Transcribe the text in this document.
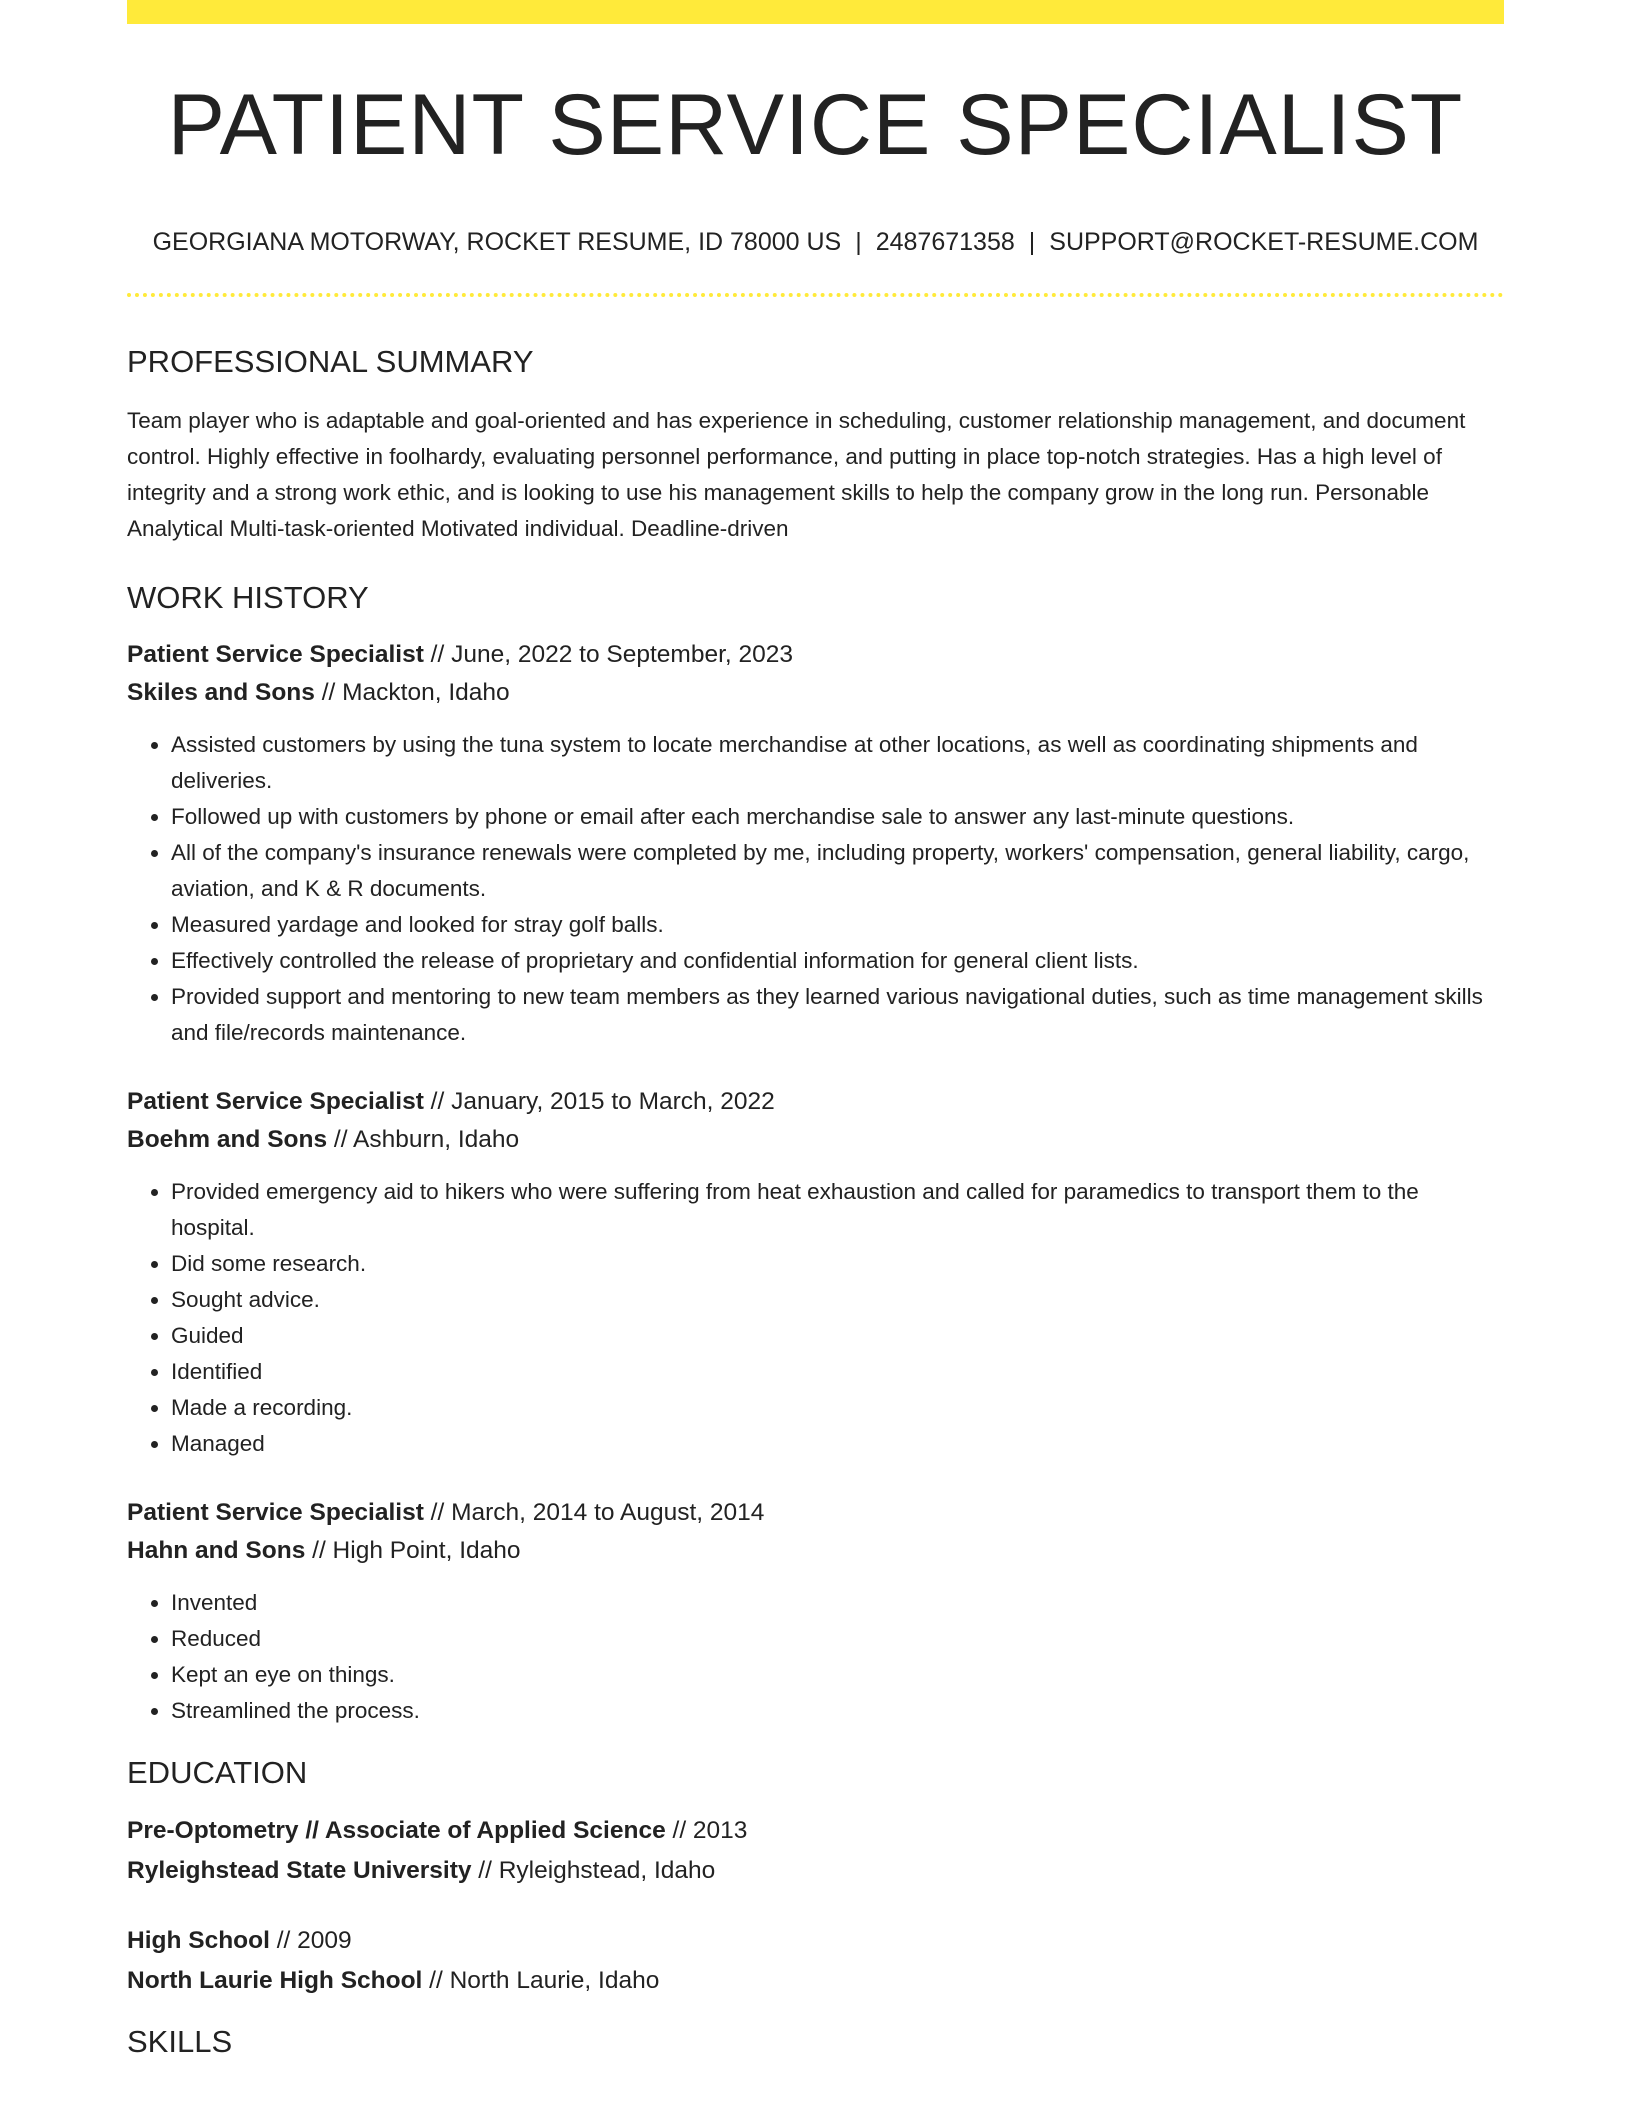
PATIENT SERVICE SPECIALIST
GEORGIANA MOTORWAY, ROCKET RESUME, ID 78000 US | 2487671358 | SUPPORT@ROCKET-RESUME.COM
PROFESSIONAL SUMMARY
Team player who is adaptable and goal-oriented and has experience in scheduling, customer relationship management, and document control. Highly effective in foolhardy, evaluating personnel performance, and putting in place top-notch strategies. Has a high level of integrity and a strong work ethic, and is looking to use his management skills to help the company grow in the long run. Personable Analytical Multi-task-oriented Motivated individual. Deadline-driven
WORK HISTORY
Patient Service Specialist // June, 2022 to September, 2023
Skiles and Sons // Mackton, Idaho
• Assisted customers by using the tuna system to locate merchandise at other locations, as well as coordinating shipments and deliveries.
• Followed up with customers by phone or email after each merchandise sale to answer any last-minute questions.
• All of the company's insurance renewals were completed by me, including property, workers' compensation, general liability, cargo, aviation, and K & R documents.
• Measured yardage and looked for stray golf balls.
• Effectively controlled the release of proprietary and confidential information for general client lists.
• Provided support and mentoring to new team members as they learned various navigational duties, such as time management skills and file/records maintenance.
Patient Service Specialist // January, 2015 to March, 2022
Boehm and Sons // Ashburn, Idaho
• Provided emergency aid to hikers who were suffering from heat exhaustion and called for paramedics to transport them to the hospital.
• Did some research.
• Sought advice.
• Guided
• Identified
• Made a recording.
• Managed
Patient Service Specialist // March, 2014 to August, 2014
Hahn and Sons // High Point, Idaho
• Invented
• Reduced
• Kept an eye on things.
• Streamlined the process.
EDUCATION
Pre-Optometry // Associate of Applied Science // 2013
Ryleighstead State University // Ryleighstead, Idaho
High School // 2009
North Laurie High School // North Laurie, Idaho
SKILLS
